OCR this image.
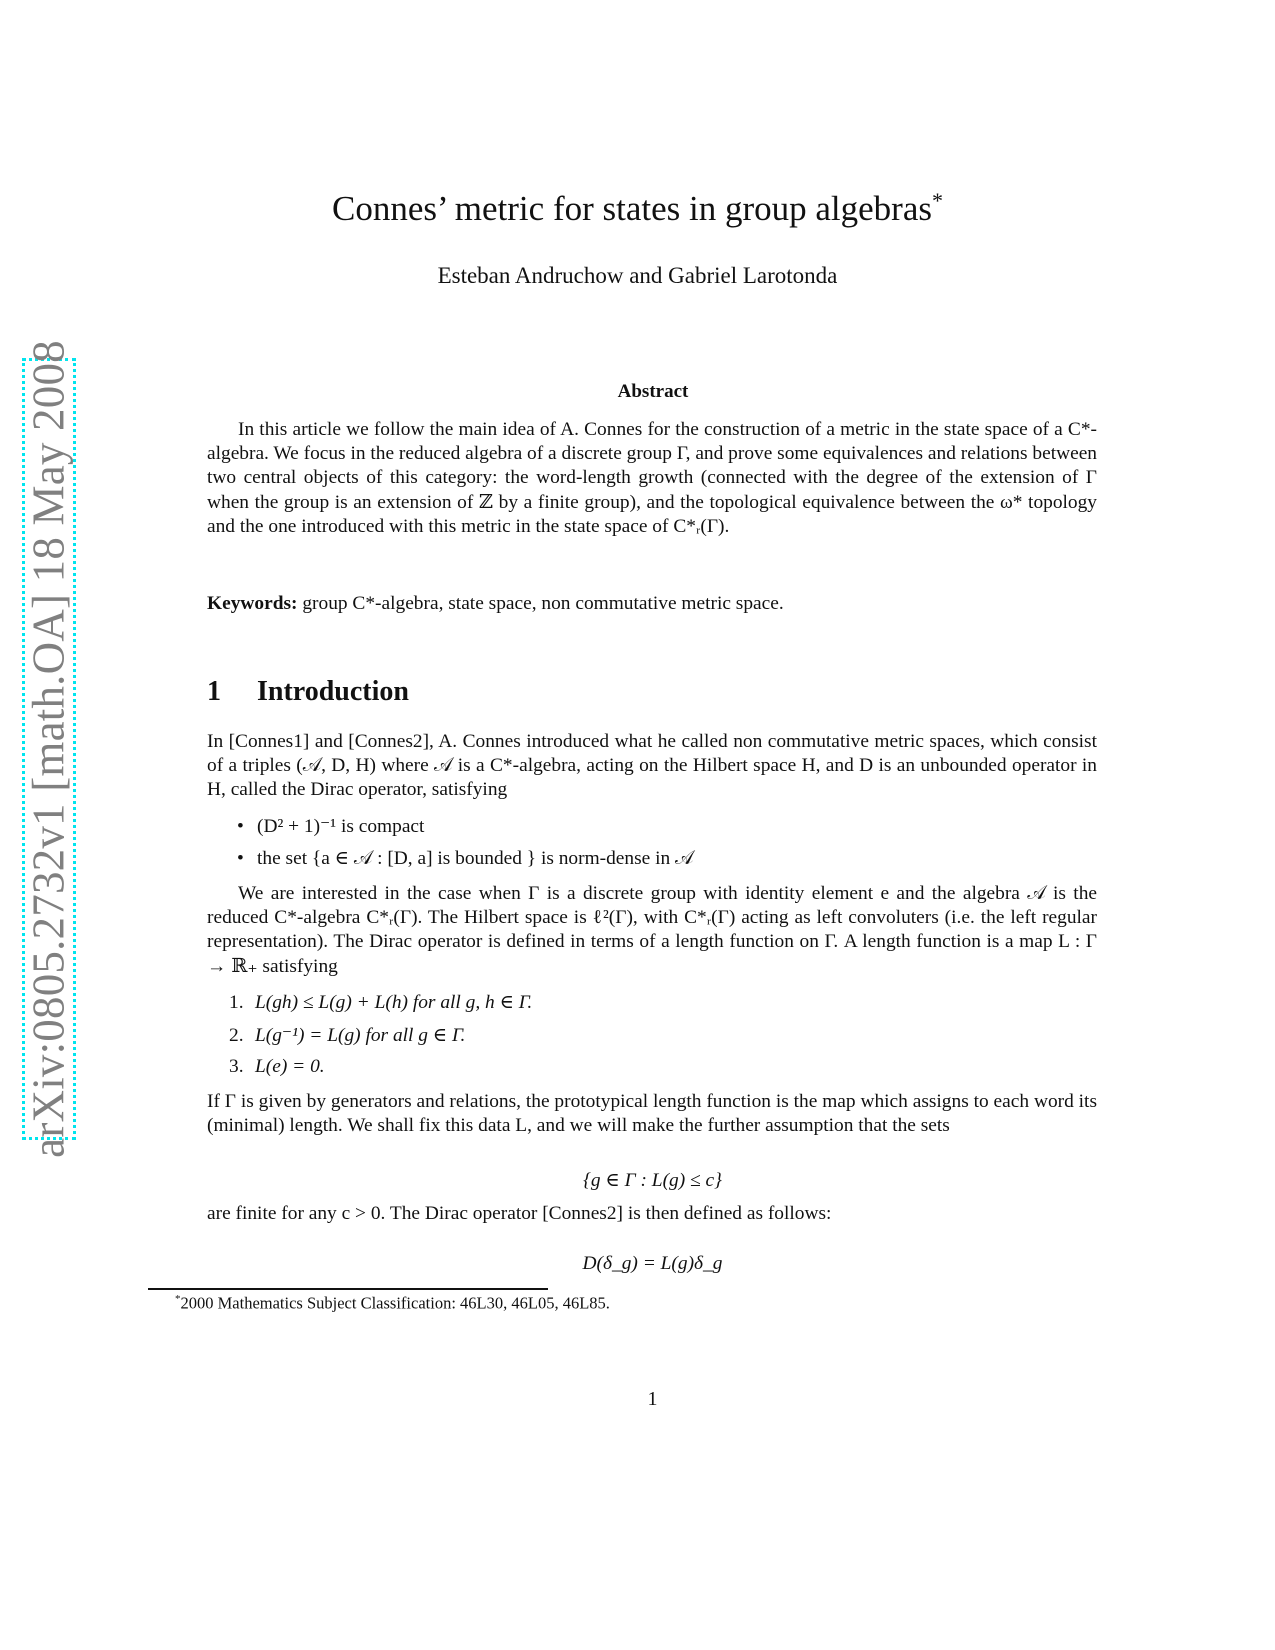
arXiv:0805.2732v1 [math.OA] 18 May 2008
Connes’ metric for states in group algebras*
Esteban Andruchow and Gabriel Larotonda
Abstract
In this article we follow the main idea of A. Connes for the construction of a metric in the state space of a C*-algebra. We focus in the reduced algebra of a discrete group Γ, and prove some equivalences and relations between two central objects of this category: the word-length growth (connected with the degree of the extension of Γ when the group is an extension of ℤ by a finite group), and the topological equivalence between the ω* topology and the one introduced with this metric in the state space of C*ᵣ(Γ).
Keywords: group C*-algebra, state space, non commutative metric space.
1 Introduction
In [Connes1] and [Connes2], A. Connes introduced what he called non commutative metric spaces, which consist of a triples (𝒜, D, H) where 𝒜 is a C*-algebra, acting on the Hilbert space H, and D is an unbounded operator in H, called the Dirac operator, satisfying
• (D² + 1)⁻¹ is compact
• the set {a ∈ 𝒜 : [D, a] is bounded } is norm-dense in 𝒜
We are interested in the case when Γ is a discrete group with identity element e and the algebra 𝒜 is the reduced C*-algebra C*ᵣ(Γ). The Hilbert space is ℓ²(Γ), with C*ᵣ(Γ) acting as left convoluters (i.e. the left regular representation). The Dirac operator is defined in terms of a length function on Γ. A length function is a map L : Γ → ℝ₊ satisfying
1. L(gh) ≤ L(g) + L(h) for all g, h ∈ Γ.
2. L(g⁻¹) = L(g) for all g ∈ Γ.
3. L(e) = 0.
If Γ is given by generators and relations, the prototypical length function is the map which assigns to each word its (minimal) length. We shall fix this data L, and we will make the further assumption that the sets
{g ∈ Γ : L(g) ≤ c}
are finite for any c > 0. The Dirac operator [Connes2] is then defined as follows:
D(δ_g) = L(g)δ_g
*2000 Mathematics Subject Classification: 46L30, 46L05, 46L85.
1
